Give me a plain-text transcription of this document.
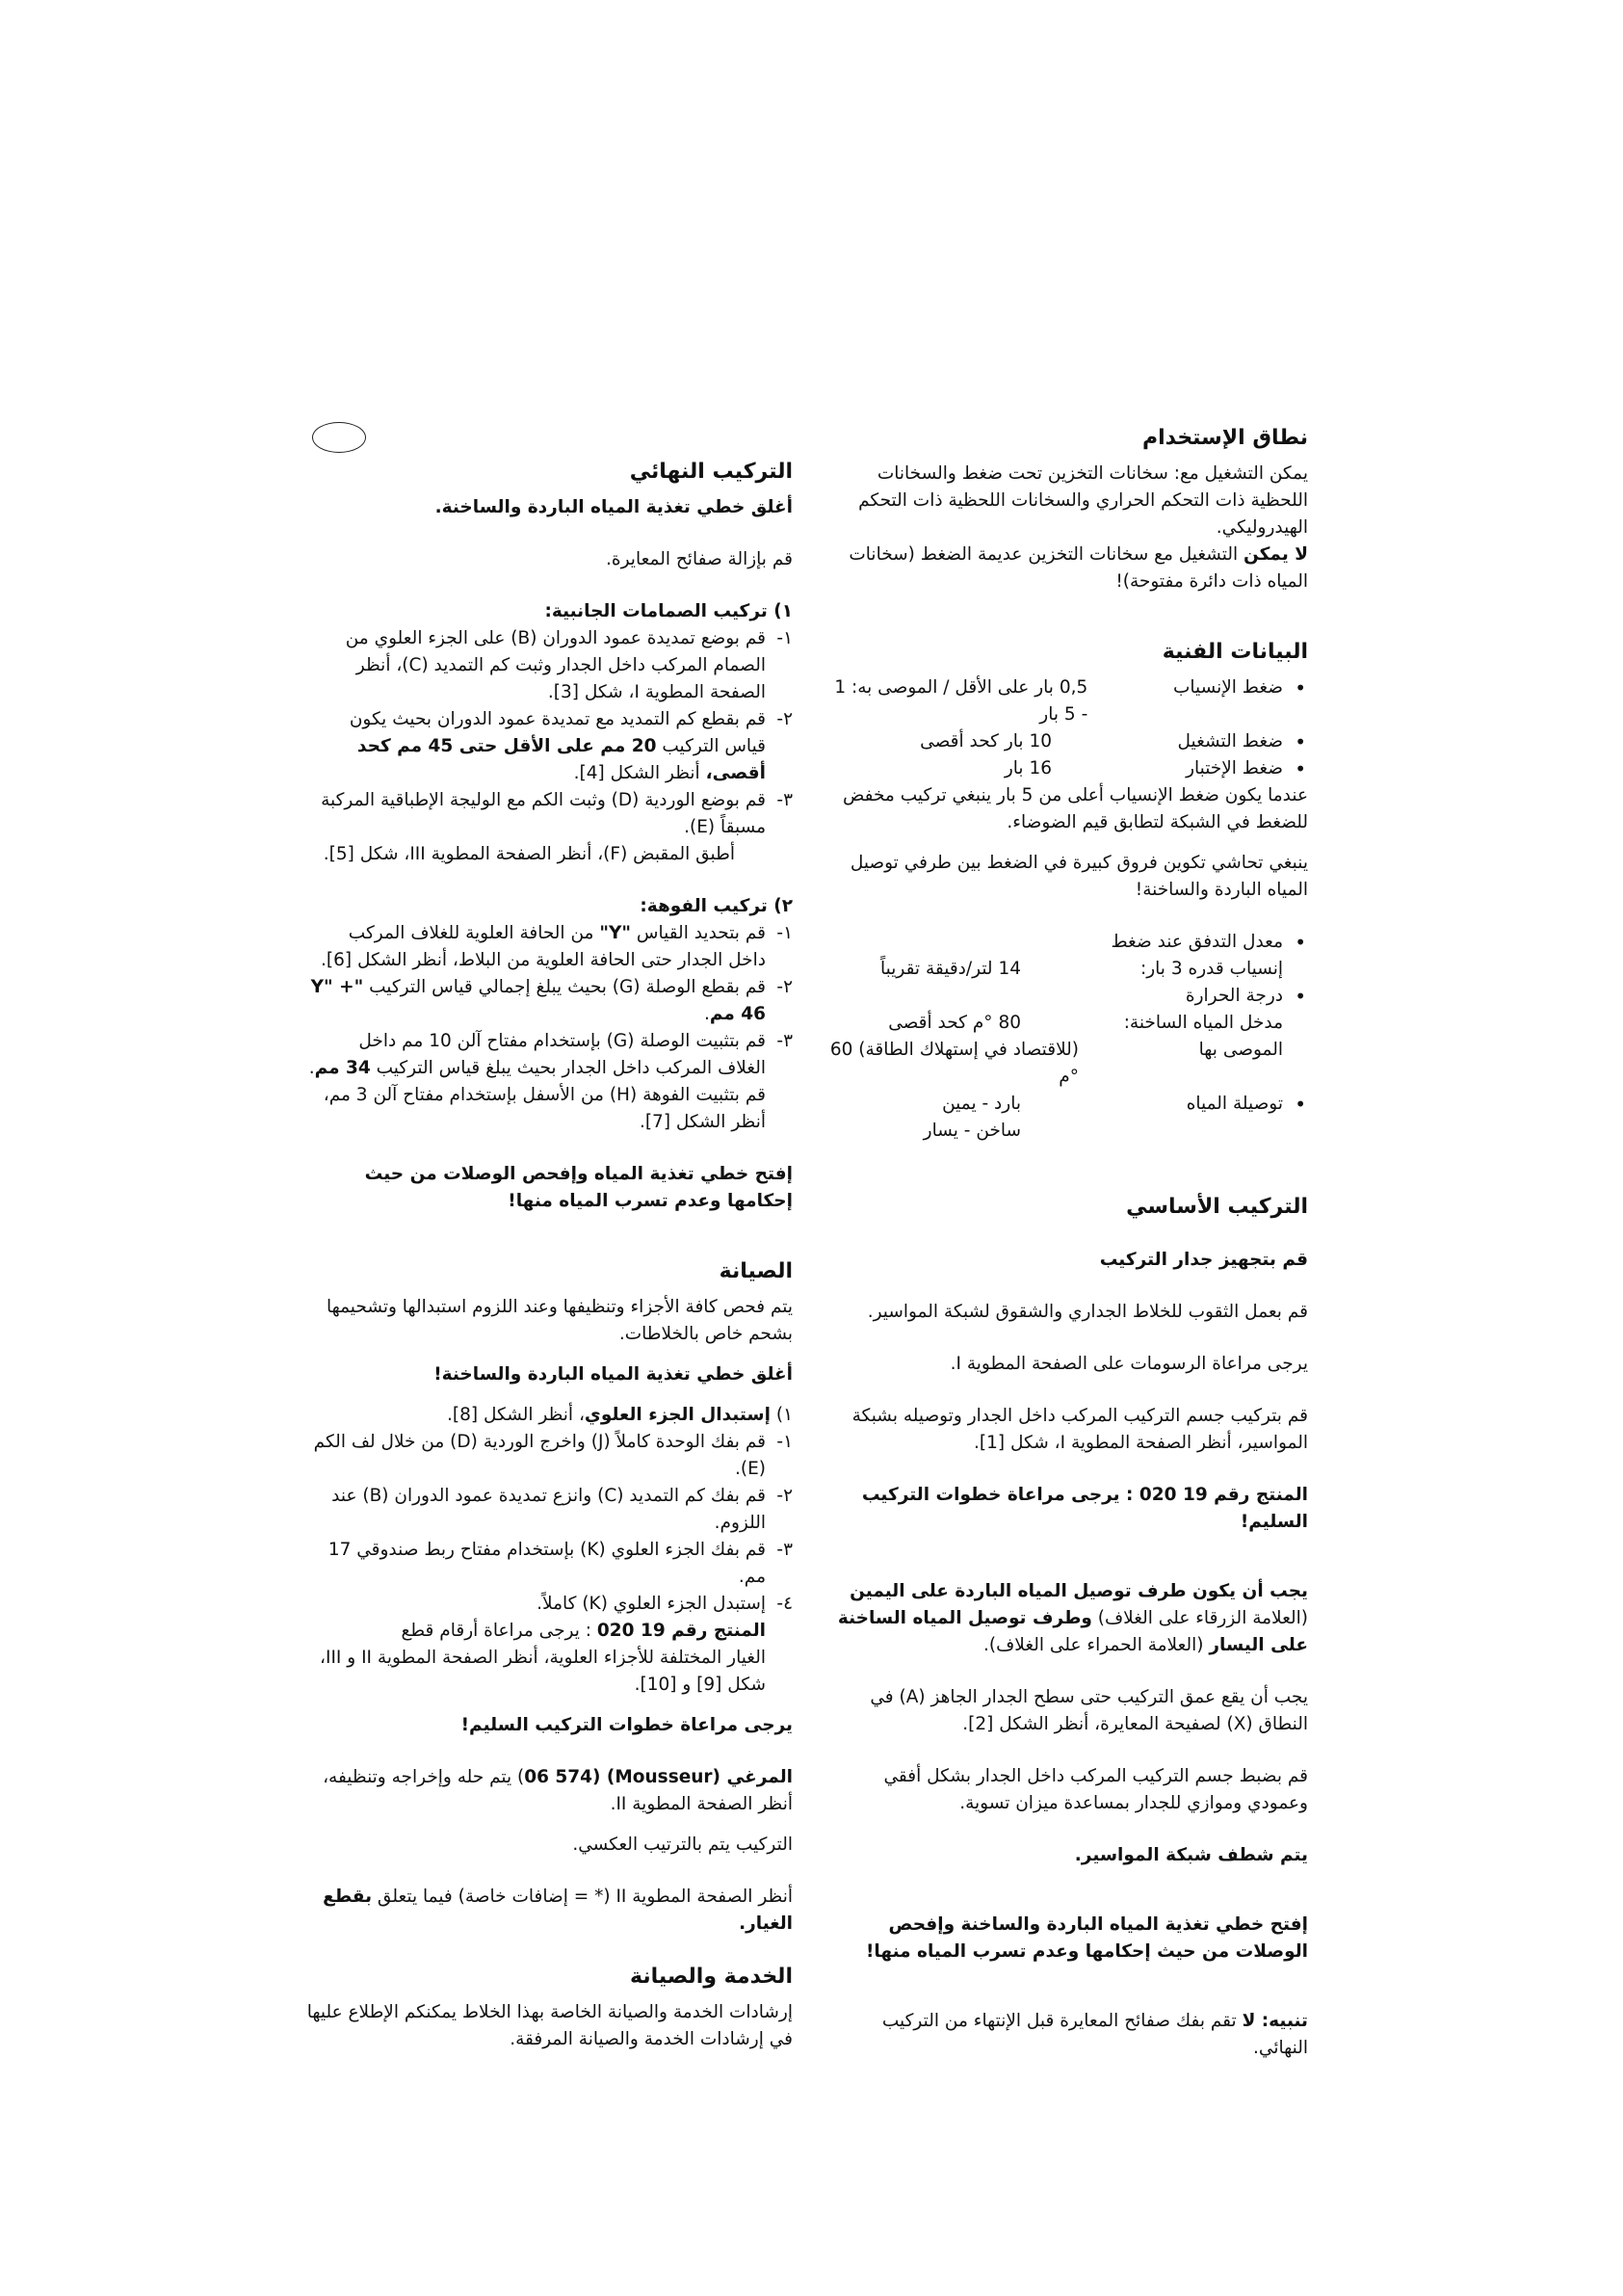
نطاق الإستخدام

يمكن التشغيل مع: سخانات التخزين تحت ضغط والسخانات اللحظية ذات التحكم الحراري والسخانات اللحظية ذات التحكم الهيدروليكي.

لا يمكن التشغيل مع سخانات التخزين عديمة الضغط (سخانات المياه ذات دائرة مفتوحة)!

البيانات الفنية
• ضغط الإنسياب
0,5 بار على الأقل / الموصى به: 1 - 5 بار
• ضغط التشغيل
10 بار كحد أقصى
• ضغط الإختبار
16 بار

عندما يكون ضغط الإنسياب أعلى من 5 بار ينبغي تركيب مخفض للضغط في الشبكة لتطابق قيم الضوضاء.

ينبغي تحاشي تكوين فروق كبيرة في الضغط بين طرفي توصيل المياه الباردة والساخنة!

• معدل التدفق عند ضغط إنسياب قدره 3 بار:
14 لتر/دقيقة تقريباً
• درجة الحرارة
مدخل المياه الساخنة:
80 °م كحد أقصى
الموصى بها
(للاقتصاد في إستهلاك الطاقة) 60 °م
• توصيلة المياه
بارد - يمين
ساخن - يسار
التركيب الأساسي

قم بتجهيز جدار التركيب

قم بعمل الثقوب للخلاط الجداري والشقوق لشبكة المواسير.

يرجى مراعاة الرسومات على الصفحة المطوية I.

قم بتركيب جسم التركيب المركب داخل الجدار وتوصيله بشبكة المواسير، أنظر الصفحة المطوية I، شكل [1].

المنتج رقم 19 020 : يرجى مراعاة خطوات التركيب السليم!

يجب أن يكون طرف توصيل المياه الباردة على اليمين (العلامة الزرقاء على الغلاف) وطرف توصيل المياه الساخنة على اليسار (العلامة الحمراء على الغلاف).

يجب أن يقع عمق التركيب حتى سطح الجدار الجاهز (A) في النطاق (X) لصفيحة المعايرة، أنظر الشكل [2].

قم بضبط جسم التركيب المركب داخل الجدار بشكل أفقي وعمودي وموازي للجدار بمساعدة ميزان تسوية.

يتم شطف شبكة المواسير.

إفتح خطي تغذية المياه الباردة والساخنة وإفحص الوصلات من حيث إحكامها وعدم تسرب المياه منها!

تنبيه: لا تقم بفك صفائح المعايرة قبل الإنتهاء من التركيب النهائي.

التركيب النهائي

أغلق خطي تغذية المياه الباردة والساخنة.

قم بإزالة صفائح المعايرة.

١) تركيب الصمامات الجانبية:
١-
قم بوضع تمديدة عمود الدوران (B) على الجزء العلوي من الصمام المركب داخل الجدار وثبت كم التمديد (C)، أنظر الصفحة المطوية I، شكل [3].
٢-
قم بقطع كم التمديد مع تمديدة عمود الدوران بحيث يكون قياس التركيب 20 مم على الأقل حتى 45 مم كحد أقصى، أنظر الشكل [4].
٣-
قم بوضع الوردية (D) وثبت الكم مع الوليجة الإطباقية المركبة مسبقاً (E).

أطبق المقبض (F)، أنظر الصفحة المطوية III، شكل [5].

٢) تركيب الفوهة:
١-
قم بتحديد القياس "Y" من الحافة العلوية للغلاف المركب داخل الجدار حتى الحافة العلوية من البلاط، أنظر الشكل [6].
٢-
قم بقطع الوصلة (G) بحيث يبلغ إجمالي قياس التركيب "Y" + 46 مم.
٣-
قم بتثبيت الوصلة (G) بإستخدام مفتاح آلن 10 مم داخل الغلاف المركب داخل الجدار بحيث يبلغ قياس التركيب 34 مم.

قم بتثبيت الفوهة (H) من الأسفل بإستخدام مفتاح آلن 3 مم، أنظر الشكل [7].

إفتح خطي تغذية المياه وإفحص الوصلات من حيث إحكامها وعدم تسرب المياه منها!

الصيانة

يتم فحص كافة الأجزاء وتنظيفها وعند اللزوم استبدالها وتشحيمها بشحم خاص بالخلاطات.

أغلق خطي تغذية المياه الباردة والساخنة!

١) إستبدال الجزء العلوي، أنظر الشكل [8].
١-
قم بفك الوحدة كاملاً (J) واخرج الوردية (D) من خلال لف الكم (E).
٢-
قم بفك كم التمديد (C) وانزع تمديدة عمود الدوران (B) عند اللزوم.
٣-
قم بفك الجزء العلوي (K) بإستخدام مفتاح ربط صندوقي 17 مم.
٤-
إستبدل الجزء العلوي (K) كاملاً.

المنتج رقم 19 020 : يرجى مراعاة أرقام قطع

الغيار المختلفة للأجزاء العلوية، أنظر الصفحة المطوية II و III، شكل [9] و [10].

يرجى مراعاة خطوات التركيب السليم!

المرغي (Mousseur) (06 574) يتم حله وإخراجه وتنظيفه، أنظر الصفحة المطوية II.

التركيب يتم بالترتيب العكسي.

أنظر الصفحة المطوية II (* = إضافات خاصة) فيما يتعلق بقطع الغيار.

الخدمة والصيانة

إرشادات الخدمة والصيانة الخاصة بهذا الخلاط يمكنكم الإطلاع عليها في إرشادات الخدمة والصيانة المرفقة.
